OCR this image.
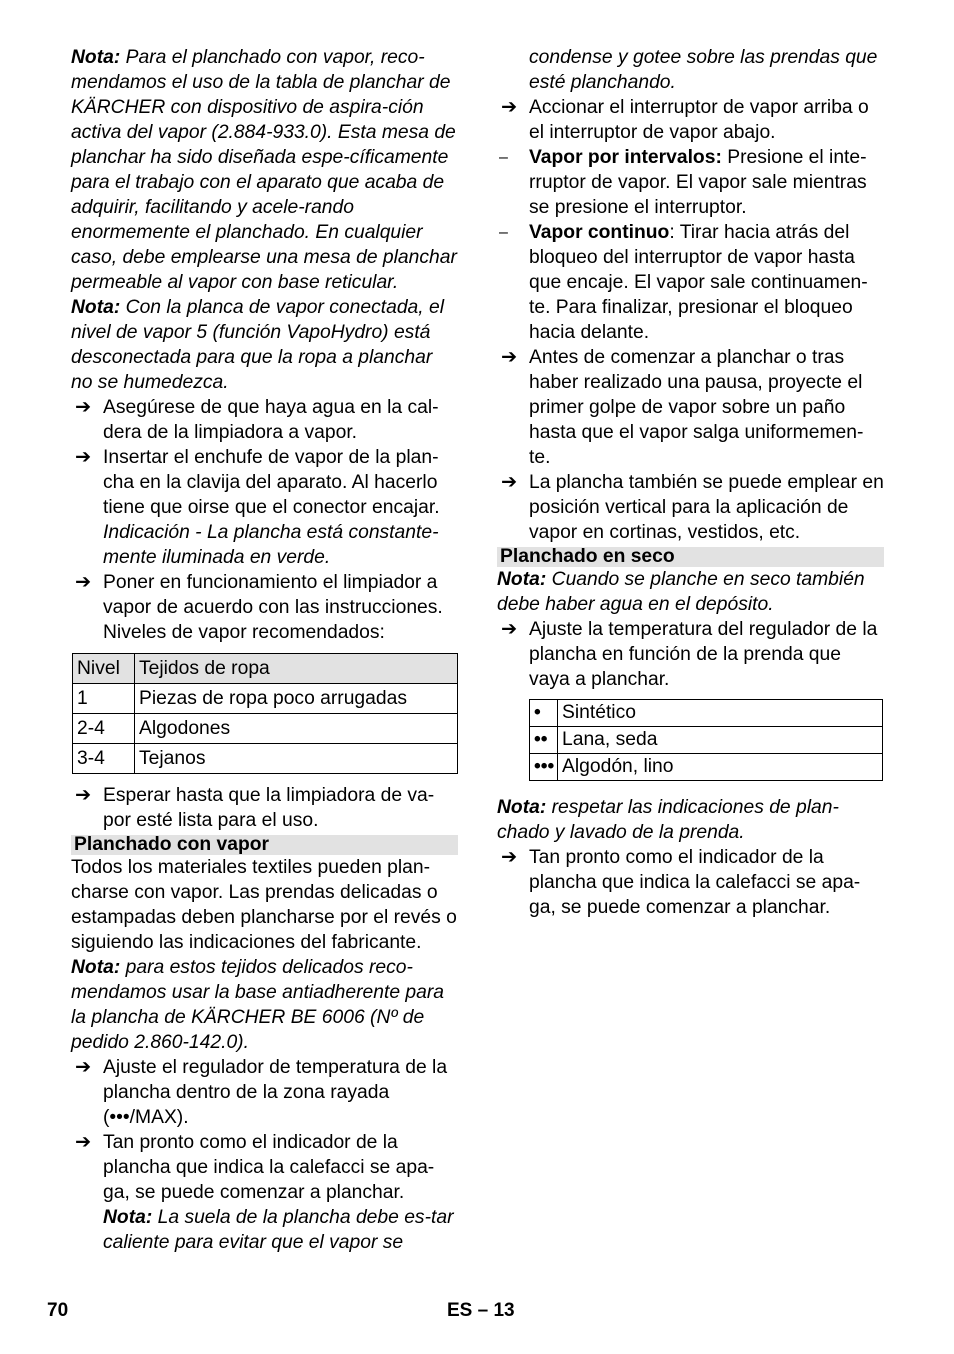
Nota: Para el planchado con vapor, reco-mendamos el uso de la tabla de planchar de KÄRCHER con dispositivo de aspira-ción activa del vapor (2.884-933.0). Esta mesa de planchar ha sido diseñada espe-cíficamente para el trabajo con el aparato que acaba de adquirir, facilitando y acele-rando enormemente el planchado. En cualquier caso, debe emplearse una mesa de planchar permeable al vapor con base reticular.

Nota: Con la planca de vapor conectada, el nivel de vapor 5 (función VapoHydro) está desconectada para que la ropa a planchar no se humedezca.

➔ Asegúrese de que haya agua en la cal-dera de la limpiadora a vapor.

➔ Insertar el enchufe de vapor de la plan-cha en la clavija del aparato. Al hacerlo tiene que oirse que el conector encajar.

Indicación - La plancha está constante-mente iluminada en verde.

➔ Poner en funcionamiento el limpiador a vapor de acuerdo con las instrucciones. Niveles de vapor recomendados:

Nivel	Tejidos de ropa
1	Piezas de ropa poco arrugadas
2-4	Algodones
3-4	Tejanos
➔ Esperar hasta que la limpiadora de va-por esté lista para el uso.

Planchado con vapor

Todos los materiales textiles pueden plan-charse con vapor. Las prendas delicadas o estampadas deben plancharse por el revés o siguiendo las indicaciones del fabricante.

Nota: para estos tejidos delicados reco-mendamos usar la base antiadherente para la plancha de KÄRCHER BE 6006 (Nº de pedido 2.860-142.0).

➔ Ajuste el regulador de temperatura de la plancha dentro de la zona rayada (•••/MAX).

➔ Tan pronto como el indicador de la plancha que indica la calefacci se apa-ga, se puede comenzar a planchar.

Nota: La suela de la plancha debe es-tar caliente para evitar que el vapor se

condense y gotee sobre las prendas que esté planchando.

➔ Accionar el interruptor de vapor arriba o el interruptor de vapor abajo.

– Vapor por intervalos: Presione el inte-rruptor de vapor. El vapor sale mientras se presione el interruptor.

– Vapor continuo: Tirar hacia atrás del bloqueo del interruptor de vapor hasta que encaje. El vapor sale continuamen-te. Para finalizar, presionar el bloqueo hacia delante.

➔ Antes de comenzar a planchar o tras haber realizado una pausa, proyecte el primer golpe de vapor sobre un paño hasta que el vapor salga uniformemen-te.

➔ La plancha también se puede emplear en posición vertical para la aplicación de vapor en cortinas, vestidos, etc.

Planchado en seco

Nota: Cuando se planche en seco también debe haber agua en el depósito.

➔ Ajuste la temperatura del regulador de la plancha en función de la prenda que vaya a planchar.

•	Sintético
••	Lana, seda
•••	Algodón, lino

Nota: respetar las indicaciones de plan-chado y lavado de la prenda.

➔ Tan pronto como el indicador de la plancha que indica la calefacci se apa-ga, se puede comenzar a planchar.

70	ES – 13
